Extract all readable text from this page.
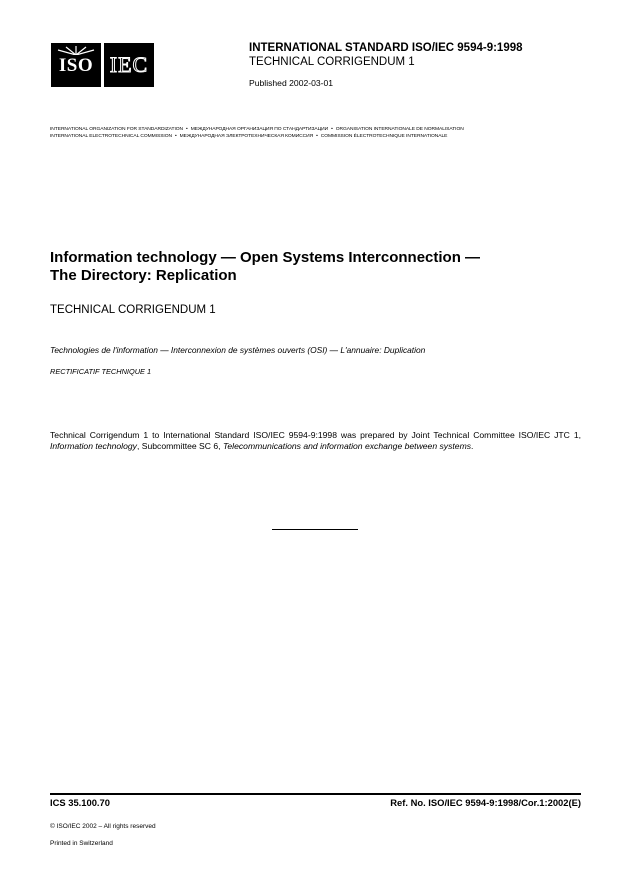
ISO IEC
INTERNATIONAL STANDARD ISO/IEC 9594-9:1998
TECHNICAL CORRIGENDUM 1
Published 2002-03-01
INTERNATIONAL ORGANIZATION FOR STANDARDIZATION • МЕЖДУНАРОДНАЯ ОРГАНИЗАЦИЯ ПО СТАНДАРТИЗАЦИИ • ORGANISATION INTERNATIONALE DE NORMALISATION
INTERNATIONAL ELECTROTECHNICAL COMMISSION • МЕЖДУНАРОДНАЯ ЭЛЕКТРОТЕХНИЧЕСКАЯ КОМИССИЯ • COMMISSION ÉLECTROTECHNIQUE INTERNATIONALE
Information technology — Open Systems Interconnection —
The Directory: Replication
TECHNICAL CORRIGENDUM 1
Technologies de l'information — Interconnexion de systèmes ouverts (OSI) — L'annuaire: Duplication
RECTIFICATIF TECHNIQUE 1
Technical Corrigendum 1 to International Standard ISO/IEC 9594-9:1998 was prepared by Joint Technical Committee ISO/IEC JTC 1, Information technology, Subcommittee SC 6, Telecommunications and information exchange between systems.
ICS 35.100.70	Ref. No. ISO/IEC 9594-9:1998/Cor.1:2002(E)
© ISO/IEC 2002 – All rights reserved
Printed in Switzerland
